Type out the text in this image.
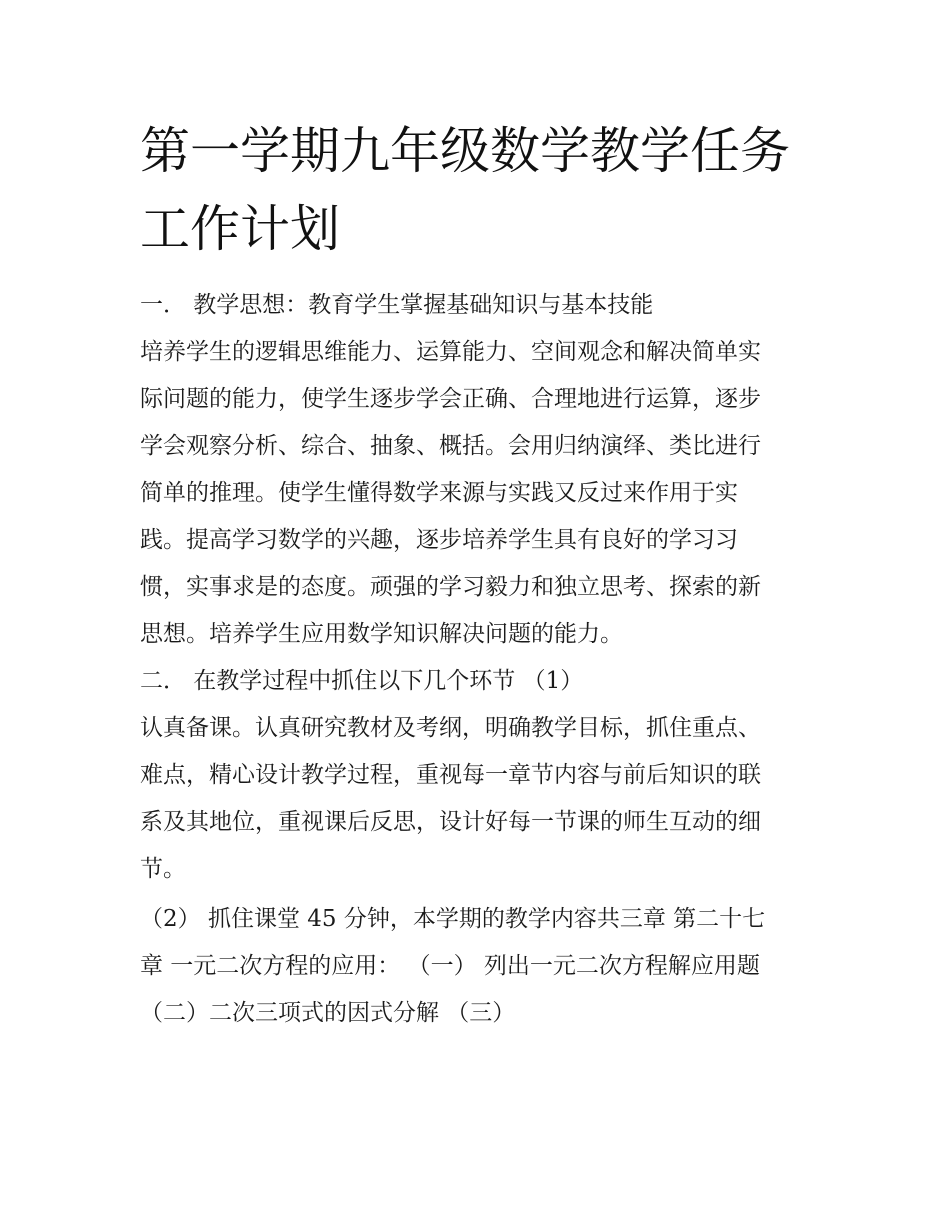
第一学期九年级数学教学任务
工作计划
一． 教学思想：教育学生掌握基础知识与基本技能
培养学生的逻辑思维能力、运算能力、空间观念和解决简单实
际问题的能力，使学生逐步学会正确、合理地进行运算，逐步
学会观察分析、综合、抽象、概括。会用归纳演绎、类比进行
简单的推理。使学生懂得数学来源与实践又反过来作用于实
践。提高学习数学的兴趣，逐步培养学生具有良好的学习习
惯，实事求是的态度。顽强的学习毅力和独立思考、探索的新
思想。培养学生应用数学知识解决问题的能力。
二． 在教学过程中抓住以下几个环节 （1）
认真备课。认真研究教材及考纲，明确教学目标，抓住重点、
难点，精心设计教学过程，重视每一章节内容与前后知识的联
系及其地位，重视课后反思，设计好每一节课的师生互动的细
节。
（2） 抓住课堂 45 分钟，本学期的教学内容共三章 第二十七
章 一元二次方程的应用： （一） 列出一元二次方程解应用题
（二）二次三项式的因式分解 （三）
